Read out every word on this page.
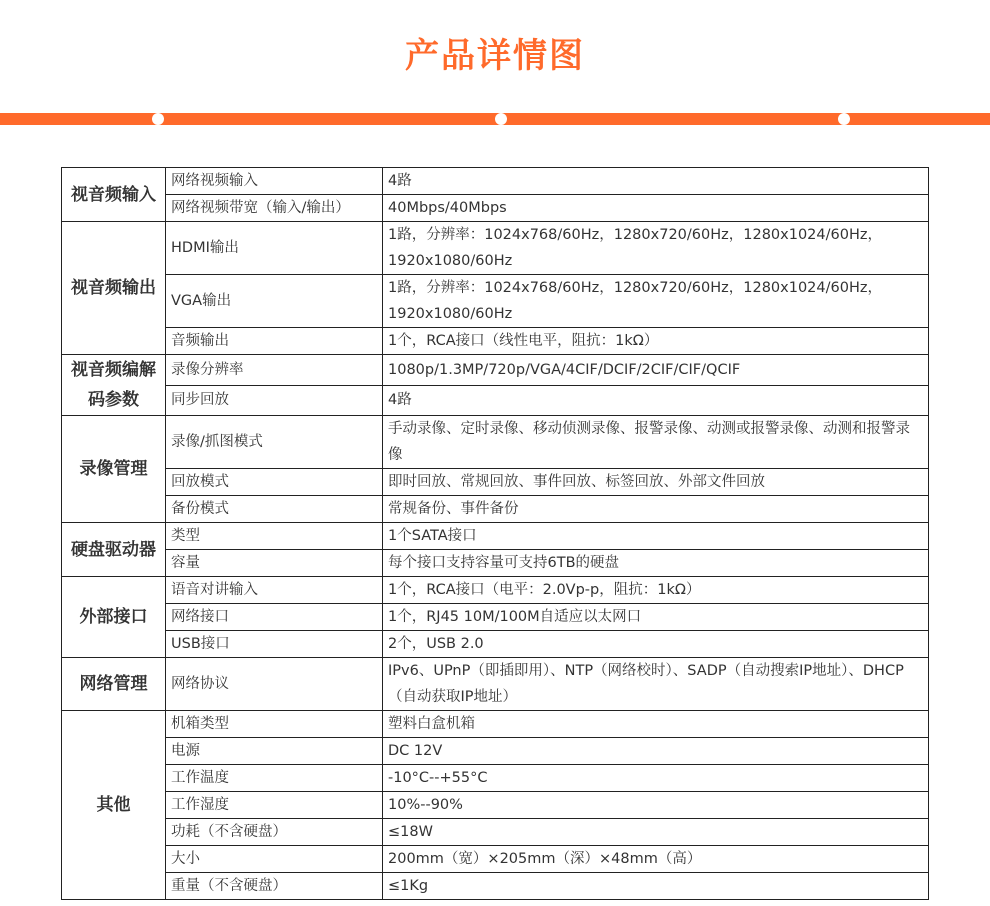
产品详情图
视音频输入	网络视频输入	4路
	网络视频带宽（输入/输出）	40Mbps/40Mbps
视音频输出	HDMI输出	1路，分辨率：1024x768/60Hz，1280x720/60Hz，1280x1024/60Hz，1920x1080/60Hz
	VGA输出	1路，分辨率：1024x768/60Hz，1280x720/60Hz，1280x1024/60Hz，1920x1080/60Hz
	音频输出	1个，RCA接口（线性电平，阻抗：1kΩ）
视音频编解码参数	录像分辨率	1080p/1.3MP/720p/VGA/4CIF/DCIF/2CIF/CIF/QCIF
	同步回放	4路
录像管理	录像/抓图模式	手动录像、定时录像、移动侦测录像、报警录像、动测或报警录像、动测和报警录像
	回放模式	即时回放、常规回放、事件回放、标签回放、外部文件回放
	备份模式	常规备份、事件备份
硬盘驱动器	类型	1个SATA接口
	容量	每个接口支持容量可支持6TB的硬盘
外部接口	语音对讲输入	1个，RCA接口（电平：2.0Vp-p，阻抗：1kΩ）
	网络接口	1个，RJ45 10M/100M自适应以太网口
	USB接口	2个，USB 2.0
网络管理	网络协议	IPv6、UPnP（即插即用）、NTP（网络校时）、SADP（自动搜索IP地址）、DHCP（自动获取IP地址）
其他	机箱类型	塑料白盒机箱
	电源	DC 12V
	工作温度	-10°C--+55°C
	工作湿度	10%--90%
	功耗（不含硬盘）	≤18W
	大小	200mm（宽）×205mm（深）×48mm（高）
	重量（不含硬盘）	≤1Kg
